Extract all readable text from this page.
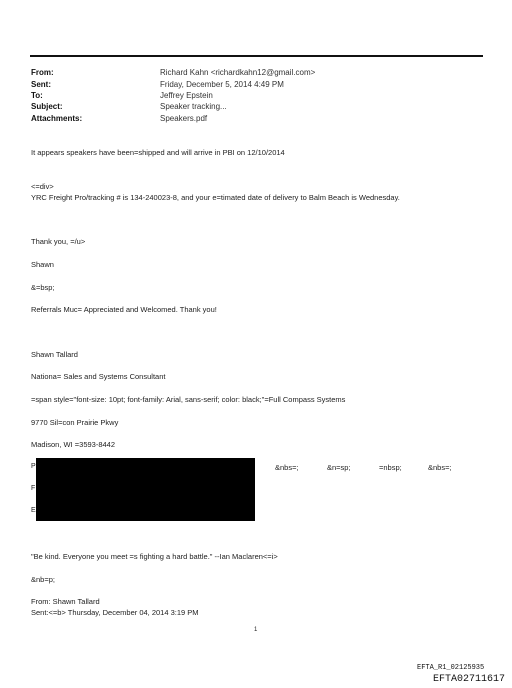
From:	Richard Kahn <richardkahn12@gmail.com>
Sent:	Friday, December 5, 2014 4:49 PM
To:	Jeffrey Epstein
Subject:	Speaker tracking...
Attachments:	Speakers.pdf
It appears speakers have been=shipped and will arrive in PBI on 12/10/2014
<=div>
YRC Freight Pro/tracking # is 134-240023-8, and your e=timated date of delivery to Balm Beach is Wednesday.
Thank you, =/u>
Shawn
&=bsp;
Referrals Muc= Appreciated and Welcomed. Thank you!
Shawn Tallard
Nationa= Sales and Systems Consultant
=span style="font-size: 10pt; font-family: Arial, sans-serif; color: black;"=Full Compass Systems
9770 Sil=con Prairie Pkwy
Madison, WI =3593-8442
P
F
E
&nbs=;	&n=sp;	=nbsp;	&nbs=;
"Be kind. Everyone you meet =s fighting a hard battle." --Ian Maclaren<=i>
&nb=p;
From: Shawn Tallard
Sent:<=b> Thursday, December 04, 2014 3:19 PM
1
EFTA_R1_02125935
EFTA02711617
